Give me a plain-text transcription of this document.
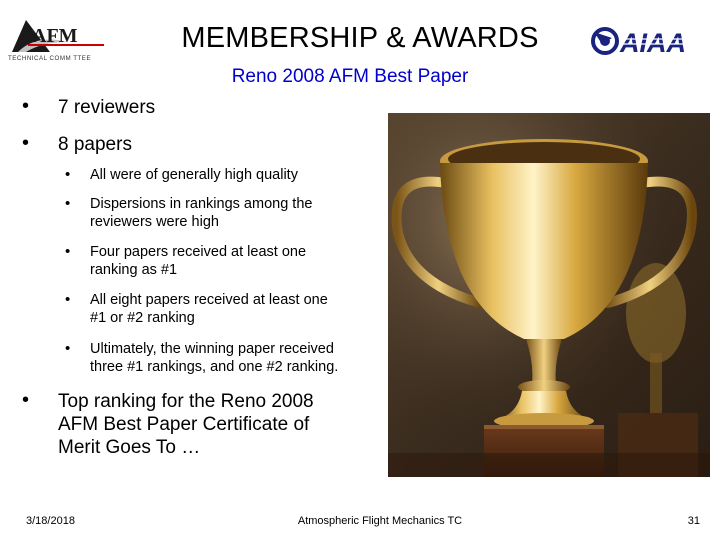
AFM
TECHNICAL COMM TTEE
MEMBERSHIP & AWARDS
Reno 2008 AFM Best Paper
AIAA
• 7 reviewers
• 8 papers
• All were of generally high quality
• Dispersions in rankings among the
reviewers were high
• Four papers received at least one
ranking as #1
• All eight papers received at least one
#1 or #2 ranking
• Ultimately, the winning paper received
three #1 rankings, and one #2 ranking.
• Top ranking for the Reno 2008
AFM Best Paper Certificate of
Merit Goes To …
3/18/2018	Atmospheric Flight Mechanics TC	31
